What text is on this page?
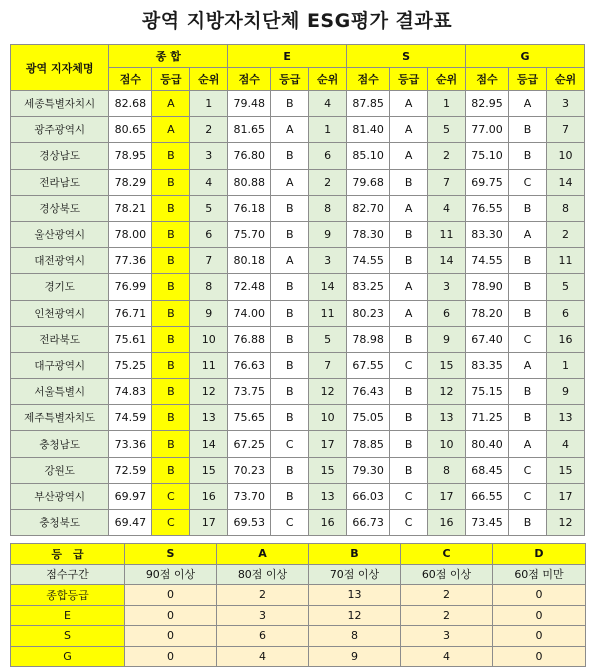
광역 지방자치단체 ESG평가 결과표
광역 지자체명	종 합			E			S			G		
	점수	등급	순위	점수	등급	순위	점수	등급	순위	점수	등급	순위
세종특별자치시	82.68	A	1	79.48	B	4	87.85	A	1	82.95	A	3
광주광역시	80.65	A	2	81.65	A	1	81.40	A	5	77.00	B	7
경상남도	78.95	B	3	76.80	B	6	85.10	A	2	75.10	B	10
전라남도	78.29	B	4	80.88	A	2	79.68	B	7	69.75	C	14
경상북도	78.21	B	5	76.18	B	8	82.70	A	4	76.55	B	8
울산광역시	78.00	B	6	75.70	B	9	78.30	B	11	83.30	A	2
대전광역시	77.36	B	7	80.18	A	3	74.55	B	14	74.55	B	11
경기도	76.99	B	8	72.48	B	14	83.25	A	3	78.90	B	5
인천광역시	76.71	B	9	74.00	B	11	80.23	A	6	78.20	B	6
전라북도	75.61	B	10	76.88	B	5	78.98	B	9	67.40	C	16
대구광역시	75.25	B	11	76.63	B	7	67.55	C	15	83.35	A	1
서울특별시	74.83	B	12	73.75	B	12	76.43	B	12	75.15	B	9
제주특별자치도	74.59	B	13	75.65	B	10	75.05	B	13	71.25	B	13
충청남도	73.36	B	14	67.25	C	17	78.85	B	10	80.40	A	4
강원도	72.59	B	15	70.23	B	15	79.30	B	8	68.45	C	15
부산광역시	69.97	C	16	73.70	B	13	66.03	C	17	66.55	C	17
충청북도	69.47	C	17	69.53	C	16	66.73	C	16	73.45	B	12
등　급	S	A	B	C	D
점수구간	90점 이상	80점 이상	70점 이상	60점 이상	60점 미만
종합등급	0	2	13	2	0
E	0	3	12	2	0
S	0	6	8	3	0
G	0	4	9	4	0
